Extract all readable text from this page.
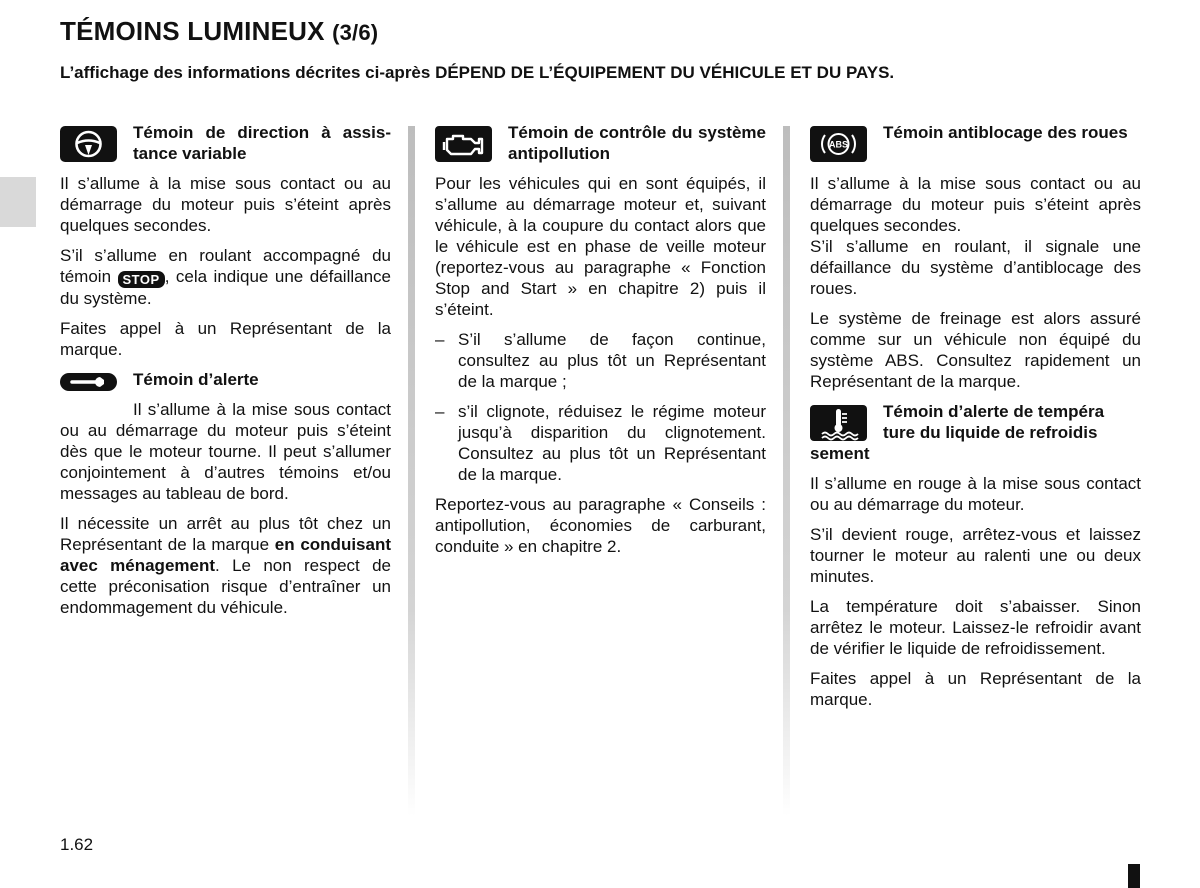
TÉMOINS LUMINEUX (3/6)
L’affichage des informations décrites ci-après DÉPEND DE L’ÉQUIPEMENT DU VÉHICULE ET DU PAYS.
Témoin de direction à assistance variable

Il s’allume à la mise sous contact ou au démarrage du moteur puis s’éteint après quelques secondes.

S’il s’allume en roulant accompagné du témoin STOP , cela indique une défaillance du système.

Faites appel à un Représentant de la marque.

Témoin d’alerte

Il s’allume à la mise sous contact ou au démarrage du moteur puis s’éteint dès que le moteur tourne. Il peut s’allumer conjointement à d’autres témoins et/ou messages au tableau de bord.

Il nécessite un arrêt au plus tôt chez un Représentant de la marque en conduisant avec ménagement. Le non respect de cette préconisation risque d’entraîner un endommagement du véhicule.

Témoin de contrôle du système antipollution

Pour les véhicules qui en sont équipés, il s’allume au démarrage moteur et, suivant véhicule, à la coupure du contact alors que le véhicule est en phase de veille moteur (reportez-vous au paragraphe « Fonction Stop and Start » en chapitre 2) puis il s’éteint.

– S’il s’allume de façon continue, consultez au plus tôt un Représentant de la marque ;
– s’il clignote, réduisez le régime moteur jusqu’à disparition du clignotement. Consultez au plus tôt un Représentant de la marque.

Reportez-vous au paragraphe « Conseils : antipollution, économies de carburant, conduite » en chapitre 2.

ABS
Témoin antiblocage des roues

Il s’allume à la mise sous contact ou au démarrage du moteur puis s’éteint après quelques secondes.

S’il s’allume en roulant, il signale une défaillance du système d’antiblocage des roues.

Le système de freinage est alors assuré comme sur un véhicule non équipé du système ABS. Consultez rapidement un Représentant de la marque.

Témoin d’alerte de tempéra
ture du liquide de refroidis
sement

Il s’allume en rouge à la mise sous contact ou au démarrage du moteur.

S’il devient rouge, arrêtez-vous et laissez tourner le moteur au ralenti une ou deux minutes.

La température doit s’abaisser. Sinon arrêtez le moteur. Laissez-le refroidir avant de vérifier le liquide de refroidissement.

Faites appel à un Représentant de la marque.

1.62
